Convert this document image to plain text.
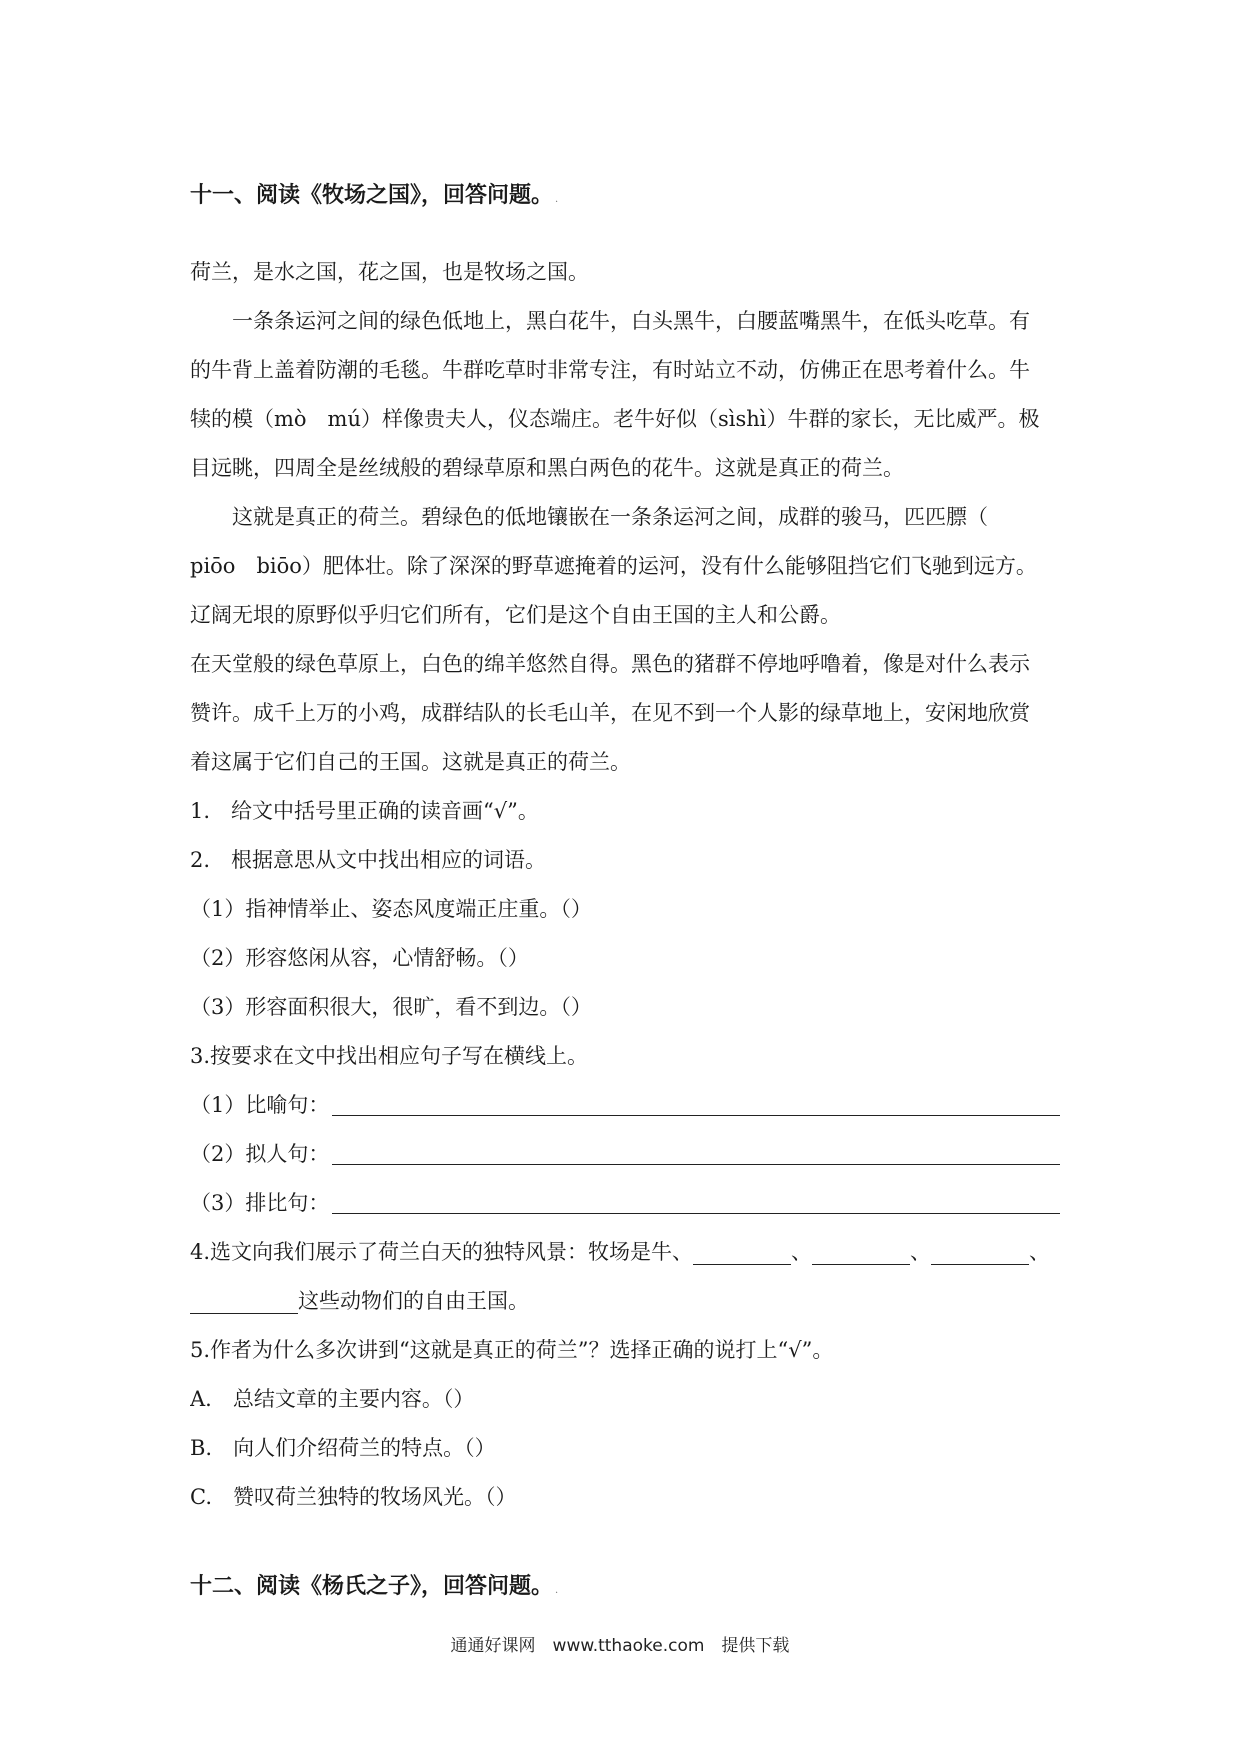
十一、阅读《牧场之国》，回答问题。 .
荷兰，是水之国，花之国，也是牧场之国。
一条条运河之间的绿色低地上，黑白花牛，白头黑牛，白腰蓝嘴黑牛，在低头吃草。有
的牛背上盖着防潮的毛毯。牛群吃草时非常专注，有时站立不动，仿佛正在思考着什么。牛
犊的模（mò　mú）样像贵夫人，仪态端庄。老牛好似（sìshì）牛群的家长，无比威严。极
目远眺，四周全是丝绒般的碧绿草原和黑白两色的花牛。这就是真正的荷兰。
这就是真正的荷兰。碧绿色的低地镶嵌在一条条运河之间，成群的骏马，匹匹膘（
piōo　biōo）肥体壮。除了深深的野草遮掩着的运河，没有什么能够阻挡它们飞驰到远方。
辽阔无垠的原野似乎归它们所有，它们是这个自由王国的主人和公爵。
在天堂般的绿色草原上，白色的绵羊悠然自得。黑色的猪群不停地呼噜着，像是对什么表示
赞许。成千上万的小鸡，成群结队的长毛山羊，在见不到一个人影的绿草地上，安闲地欣赏
着这属于它们自己的王国。这就是真正的荷兰。
1.　给文中括号里正确的读音画“√”。
2.　根据意思从文中找出相应的词语。
（1）指神情举止、姿态风度端正庄重。（）
（2）形容悠闲从容，心情舒畅。（）
（3）形容面积很大，很旷，看不到边。（）
3.按要求在文中找出相应句子写在横线上。
（1）比喻句：
（2）拟人句：
（3）排比句：
4.选文向我们展示了荷兰白天的独特风景：牧场是牛、	、	、	、
这些动物们的自由王国。
5.作者为什么多次讲到“这就是真正的荷兰”？选择正确的说打上“√”。
A.　总结文章的主要内容。（）
B.　向人们介绍荷兰的特点。（）
C.　赞叹荷兰独特的牧场风光。（）
十二、阅读《杨氏之子》，回答问题。 .
通通好课网　www.tthaoke.com　提供下载
